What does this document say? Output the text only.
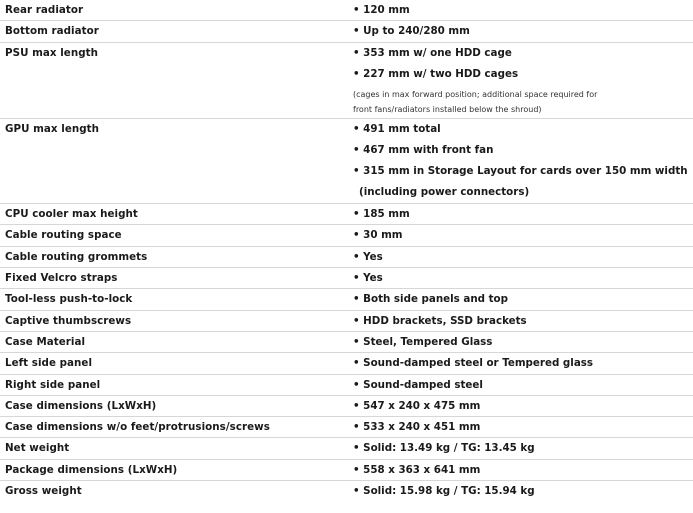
Rear radiator	• 120 mm
Bottom radiator	• Up to 240/280 mm
PSU max length	• 353 mm w/ one HDD cage
• 227 mm w/ two HDD cages
(cages in max forward position; additional space required for
front fans/radiators installed below the shroud)
GPU max length	• 491 mm total
• 467 mm with front fan
• 315 mm in Storage Layout for cards over 150 mm width
(including power connectors)
CPU cooler max height	• 185 mm
Cable routing space	• 30 mm
Cable routing grommets	• Yes
Fixed Velcro straps	• Yes
Tool-less push-to-lock	• Both side panels and top
Captive thumbscrews	• HDD brackets, SSD brackets
Case Material	• Steel, Tempered Glass
Left side panel	• Sound-damped steel or Tempered glass
Right side panel	• Sound-damped steel
Case dimensions (LxWxH)	• 547 x 240 x 475 mm
Case dimensions w/o feet/protrusions/screws	• 533 x 240 x 451 mm
Net weight	• Solid: 13.49 kg / TG: 13.45 kg
Package dimensions (LxWxH)	• 558 x 363 x 641 mm
Gross weight	• Solid: 15.98 kg / TG: 15.94 kg
